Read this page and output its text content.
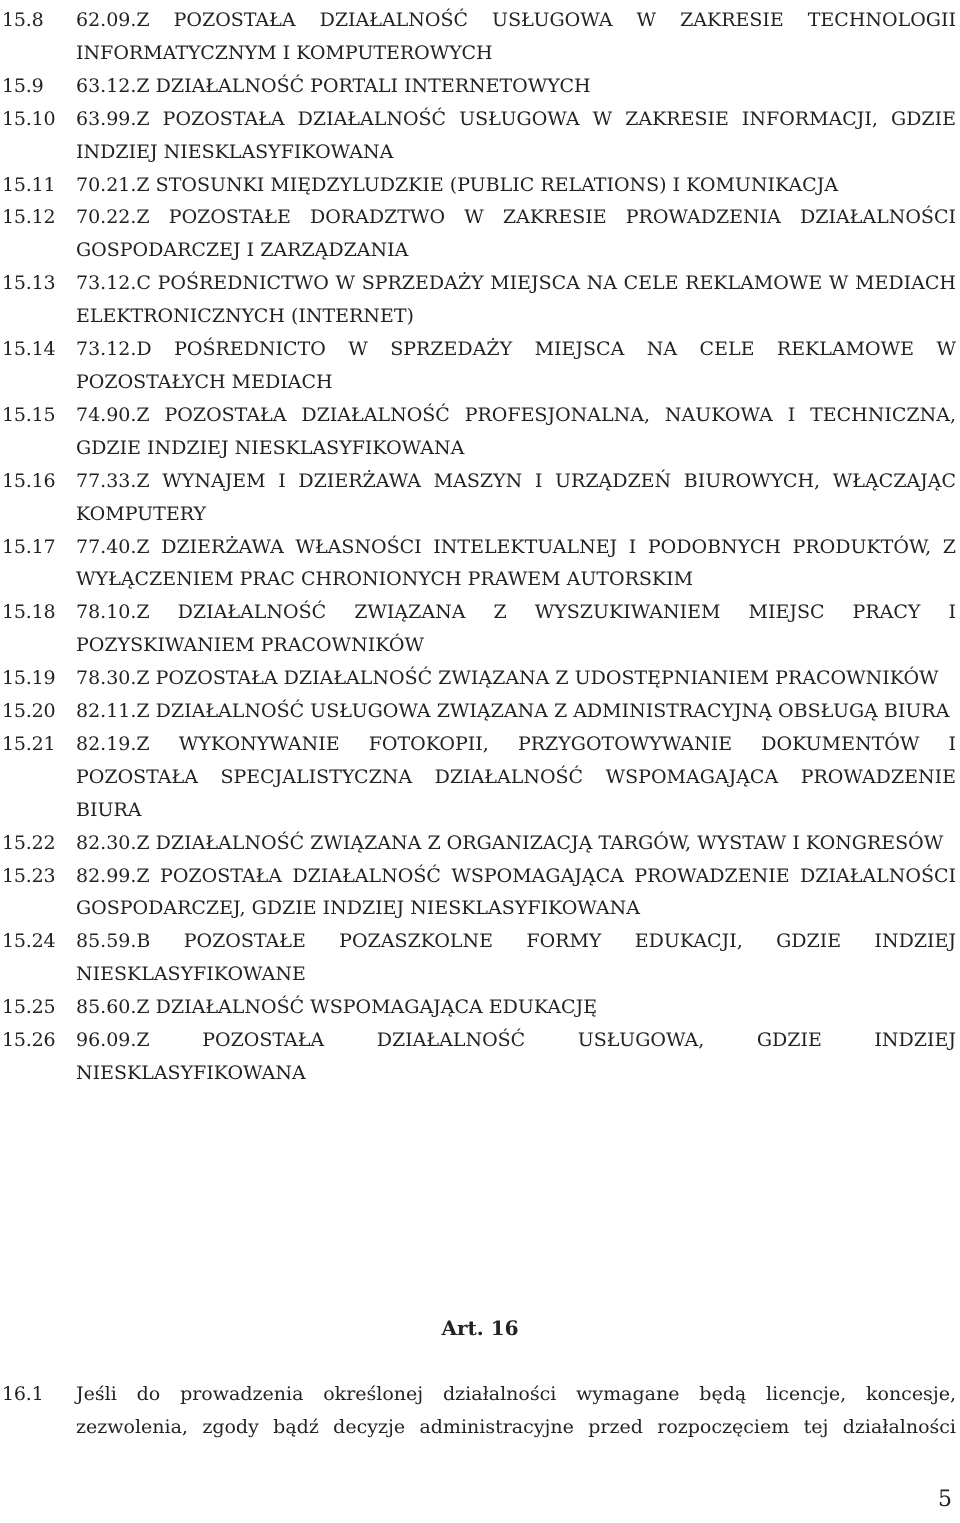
15.8	62.09.Z POZOSTAŁA DZIAŁALNOŚĆ USŁUGOWA W ZAKRESIE TECHNOLOGII INFORMATYCZNYM I KOMPUTEROWYCH
15.9	63.12.Z DZIAŁALNOŚĆ PORTALI INTERNETOWYCH
15.10	63.99.Z POZOSTAŁA DZIAŁALNOŚĆ USŁUGOWA W ZAKRESIE INFORMACJI, GDZIE INDZIEJ NIESKLASYFIKOWANA
15.11	70.21.Z STOSUNKI MIĘDZYLUDZKIE (PUBLIC RELATIONS) I KOMUNIKACJA
15.12	70.22.Z POZOSTAŁE DORADZTWO W ZAKRESIE PROWADZENIA DZIAŁALNOŚCI GOSPODARCZEJ I ZARZĄDZANIA
15.13	73.12.C POŚREDNICTWO W SPRZEDAŻY MIEJSCA NA CELE REKLAMOWE W MEDIACH ELEKTRONICZNYCH (INTERNET)
15.14	73.12.D POŚREDNICTO W SPRZEDAŻY MIEJSCA NA CELE REKLAMOWE W POZOSTAŁYCH MEDIACH
15.15	74.90.Z POZOSTAŁA DZIAŁALNOŚĆ PROFESJONALNA, NAUKOWA I TECHNICZNA, GDZIE INDZIEJ NIESKLASYFIKOWANA
15.16	77.33.Z WYNAJEM I DZIERŻAWA MASZYN I URZĄDZEŃ BIUROWYCH, WŁĄCZAJĄC KOMPUTERY
15.17	77.40.Z DZIERŻAWA WŁASNOŚCI INTELEKTUALNEJ I PODOBNYCH PRODUKTÓW, Z WYŁĄCZENIEM PRAC CHRONIONYCH PRAWEM AUTORSKIM
15.18	78.10.Z DZIAŁALNOŚĆ ZWIĄZANA Z WYSZUKIWANIEM MIEJSC PRACY I POZYSKIWANIEM PRACOWNIKÓW
15.19	78.30.Z POZOSTAŁA DZIAŁALNOŚĆ ZWIĄZANA Z UDOSTĘPNIANIEM PRACOWNIKÓW
15.20	82.11.Z DZIAŁALNOŚĆ USŁUGOWA ZWIĄZANA Z ADMINISTRACYJNĄ OBSŁUGĄ BIURA
15.21	82.19.Z WYKONYWANIE FOTOKOPII, PRZYGOTOWYWANIE DOKUMENTÓW I POZOSTAŁA SPECJALISTYCZNA DZIAŁALNOŚĆ WSPOMAGAJĄCA PROWADZENIE BIURA
15.22	82.30.Z DZIAŁALNOŚĆ ZWIĄZANA Z ORGANIZACJĄ TARGÓW, WYSTAW I KONGRESÓW
15.23	82.99.Z POZOSTAŁA DZIAŁALNOŚĆ WSPOMAGAJĄCA PROWADZENIE DZIAŁALNOŚCI GOSPODARCZEJ, GDZIE INDZIEJ NIESKLASYFIKOWANA
15.24	85.59.B POZOSTAŁE POZASZKOLNE FORMY EDUKACJI, GDZIE INDZIEJ NIESKLASYFIKOWANE
15.25	85.60.Z DZIAŁALNOŚĆ WSPOMAGAJĄCA EDUKACJĘ
15.26	96.09.Z POZOSTAŁA DZIAŁALNOŚĆ USŁUGOWA, GDZIE INDZIEJ NIESKLASYFIKOWANA
Art. 16
16.1	Jeśli do prowadzenia określonej działalności wymagane będą licencje, koncesje, zezwolenia, zgody bądź decyzje administracyjne przed rozpoczęciem tej działalności
5
